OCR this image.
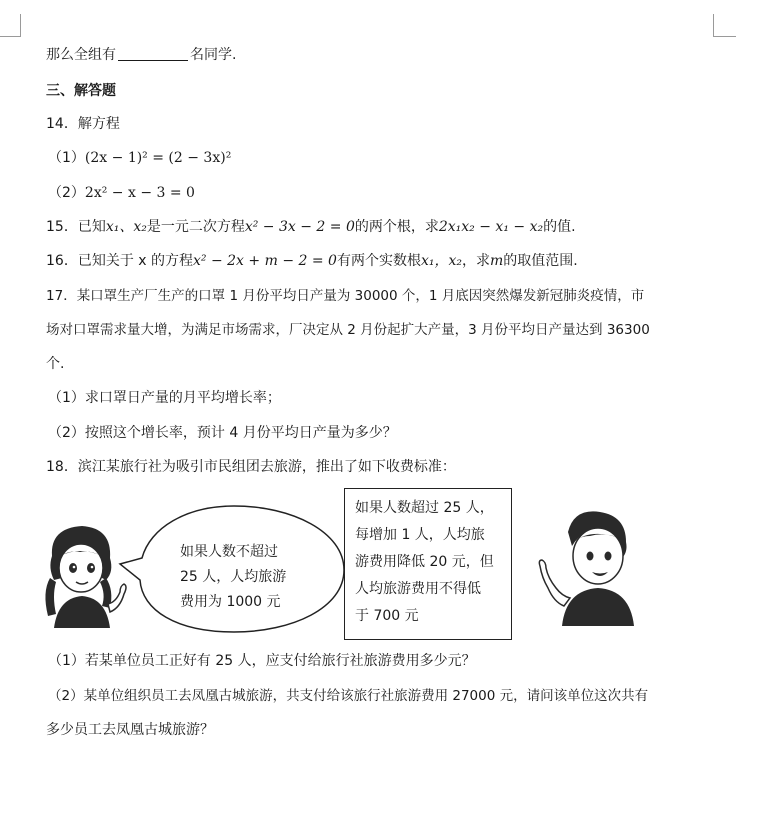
那么全组有	名同学.
三、解答题
14．解方程
（1）(2x − 1)² = (2 − 3x)²
（2）2x² − x − 3 = 0
15．已知x₁、x₂是一元二次方程x² − 3x − 2 = 0的两个根，求2x₁x₂ − x₁ − x₂的值.
16．已知关于 x 的方程x² − 2x + m − 2 = 0有两个实数根x₁，x₂，求m的取值范围.
17．某口罩生产厂生产的口罩 1 月份平均日产量为 30000 个，1 月底因突然爆发新冠肺炎疫情，市
场对口罩需求量大增，为满足市场需求，厂决定从 2 月份起扩大产量，3 月份平均日产量达到 36300
个.
（1）求口罩日产量的月平均增长率；
（2）按照这个增长率，预计 4 月份平均日产量为多少？
18．滨江某旅行社为吸引市民组团去旅游，推出了如下收费标准：
如果人数不超过
25 人，人均旅游
费用为 1000 元
如果人数超过 25 人，
每增加 1 人，人均旅
游费用降低 20 元，但
人均旅游费用不得低
于 700 元
（1）若某单位员工正好有 25 人，应支付给旅行社旅游费用多少元？
（2）某单位组织员工去凤凰古城旅游，共支付给该旅行社旅游费用 27000 元，请问该单位这次共有
多少员工去凤凰古城旅游？
